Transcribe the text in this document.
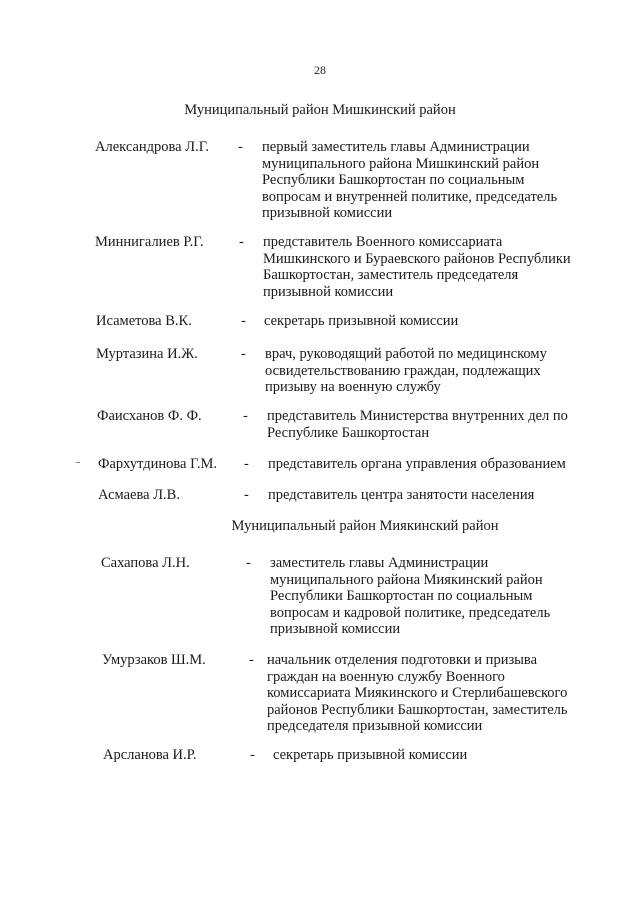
28
Муниципальный район Мишкинский район
Александрова Л.Г. - первый заместитель главы Администрации
муниципального района Мишкинский район
Республики Башкортостан по социальным
вопросам и внутренней политике, председатель
призывной комиссии
Миннигалиев Р.Г. - представитель Военного комиссариата
Мишкинского и Бураевского районов Республики
Башкортостан, заместитель председателя
призывной комиссии
Исаметова В.К.	- секретарь призывной комиссии
Муртазина И.Ж.	- врач, руководящий работой по медицинскому
освидетельствованию граждан, подлежащих
призыву на военную службу
Фаисханов Ф. Ф.	- представитель Министерства внутренних дел по
Республике Башкортостан
Фархутдинова Г.М. - представитель органа управления образованием
Асмаева Л.В.	- представитель центра занятости населения
Муниципальный район Миякинский район
Сахапова Л.Н.	- заместитель главы Администрации
муниципального района Миякинский район
Республики Башкортостан по социальным
вопросам и кадровой политике, председатель
призывной комиссии
Умурзаков Ш.М.	- начальник отделения подготовки и призыва
граждан на военную службу Военного
комиссариата Миякинского и Стерлибашевского
районов Республики Башкортостан, заместитель
председателя призывной комиссии
Арсланова И.Р.	- секретарь призывной комиссии
